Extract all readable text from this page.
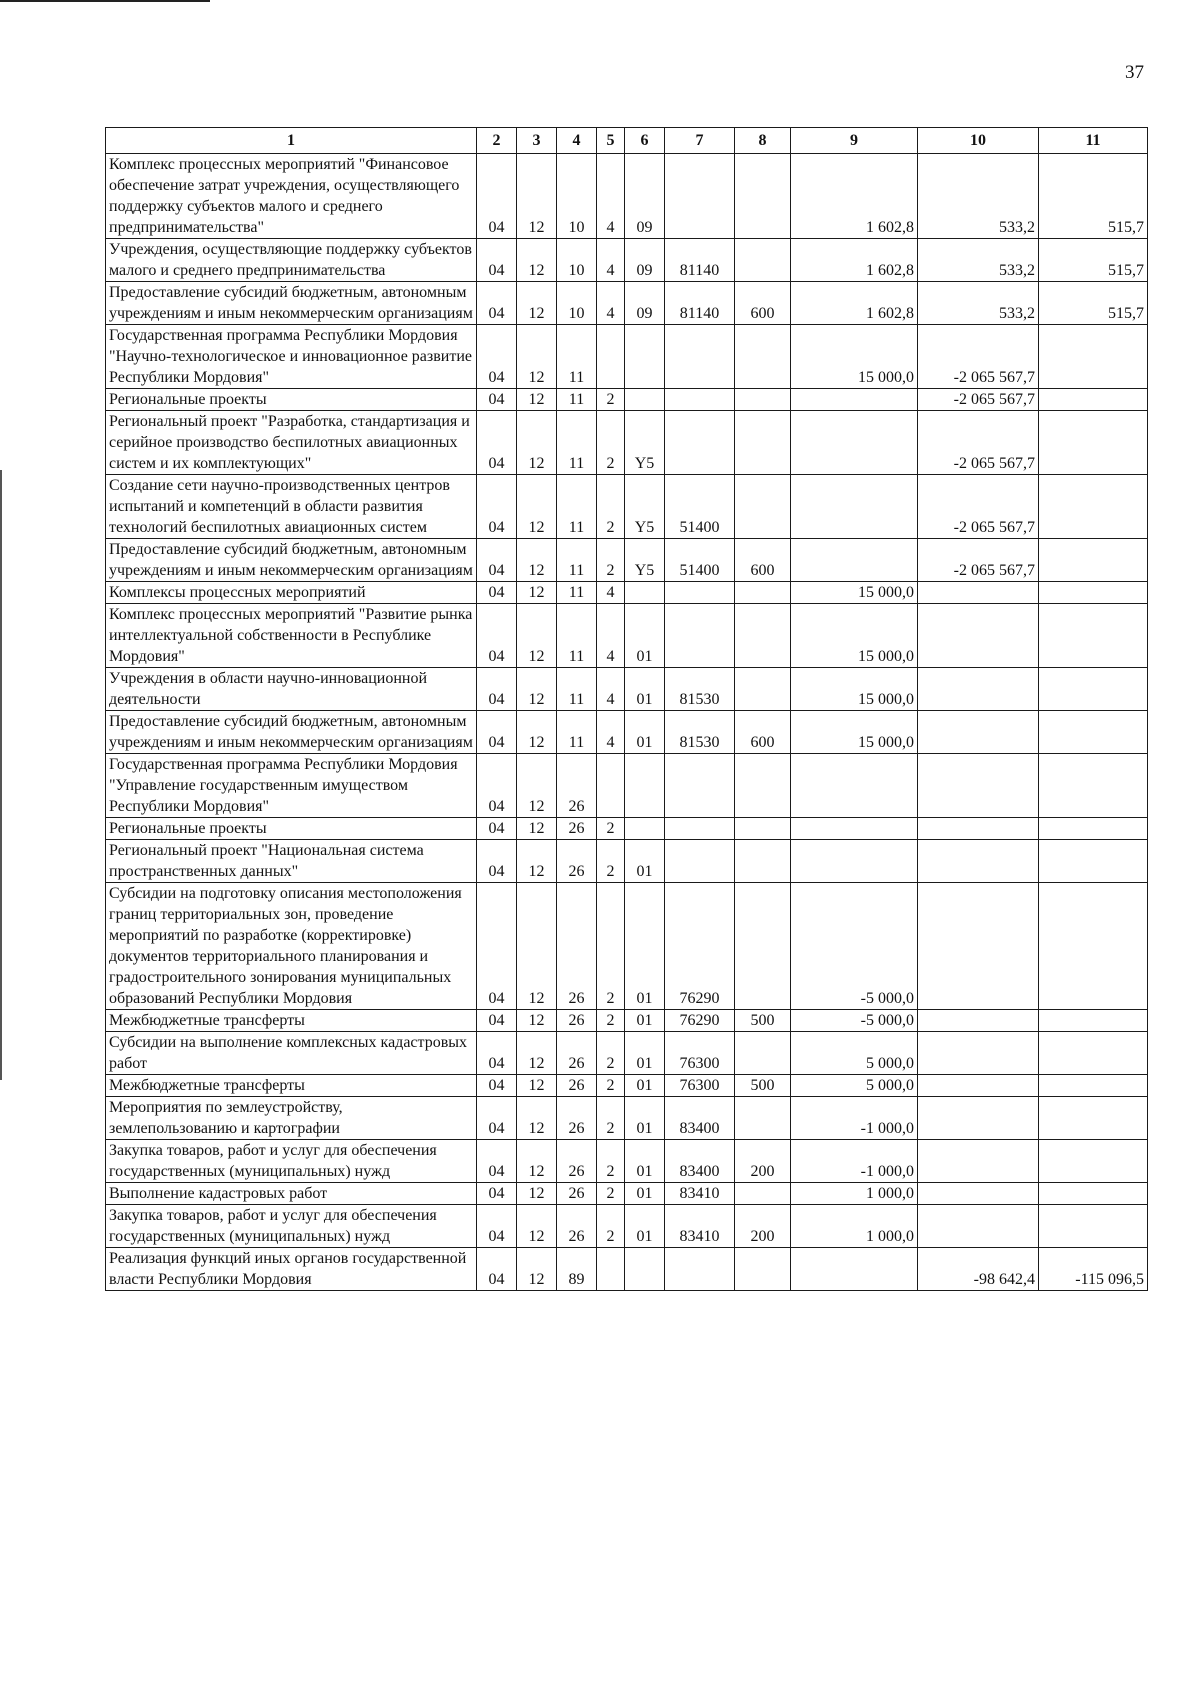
37
1	2	3	4	5	6	7	8	9	10	11
Комплекс процессных мероприятий "Финансовое обеспечение затрат учреждения, осуществляющего поддержку субъектов малого и среднего предпринимательства"	04	12	10	4	09			1 602,8	533,2	515,7
Учреждения, осуществляющие поддержку субъектов малого и среднего предпринимательства	04	12	10	4	09	81140		1 602,8	533,2	515,7
Предоставление субсидий бюджетным, автономным учреждениям и иным некоммерческим организациям	04	12	10	4	09	81140	600	1 602,8	533,2	515,7
Государственная программа Республики Мордовия "Научно-технологическое и инновационное развитие Республики Мордовия"	04	12	11					15 000,0	-2 065 567,7	
Региональные проекты	04	12	11	2					-2 065 567,7	
Региональный проект "Разработка, стандартизация и серийное производство беспилотных авиационных систем и их комплектующих"	04	12	11	2	Y5				-2 065 567,7	
Создание сети научно-производственных центров испытаний и компетенций в области развития технологий беспилотных авиационных систем	04	12	11	2	Y5	51400			-2 065 567,7	
Предоставление субсидий бюджетным, автономным учреждениям и иным некоммерческим организациям	04	12	11	2	Y5	51400	600		-2 065 567,7	
Комплексы процессных мероприятий	04	12	11	4				15 000,0		
Комплекс процессных мероприятий "Развитие рынка интеллектуальной собственности в Республике Мордовия"	04	12	11	4	01			15 000,0		
Учреждения в области научно-инновационной деятельности	04	12	11	4	01	81530		15 000,0		
Предоставление субсидий бюджетным, автономным учреждениям и иным некоммерческим организациям	04	12	11	4	01	81530	600	15 000,0		
Государственная программа Республики Мордовия "Управление государственным имуществом Республики Мордовия"	04	12	26							
Региональные проекты	04	12	26	2						
Региональный проект "Национальная система пространственных данных"	04	12	26	2	01					
Субсидии на подготовку описания местоположения границ территориальных зон, проведение мероприятий по разработке (корректировке) документов территориального планирования и градостроительного зонирования муниципальных образований Республики Мордовия	04	12	26	2	01	76290		-5 000,0		
Межбюджетные трансферты	04	12	26	2	01	76290	500	-5 000,0		
Субсидии на выполнение комплексных кадастровых работ	04	12	26	2	01	76300		5 000,0		
Межбюджетные трансферты	04	12	26	2	01	76300	500	5 000,0		
Мероприятия по землеустройству, землепользованию и картографии	04	12	26	2	01	83400		-1 000,0		
Закупка товаров, работ и услуг для обеспечения государственных (муниципальных) нужд	04	12	26	2	01	83400	200	-1 000,0		
Выполнение кадастровых работ	04	12	26	2	01	83410		1 000,0		
Закупка товаров, работ и услуг для обеспечения государственных (муниципальных) нужд	04	12	26	2	01	83410	200	1 000,0		
Реализация функций иных органов государственной власти Республики Мордовия	04	12	89						-98 642,4	-115 096,5
